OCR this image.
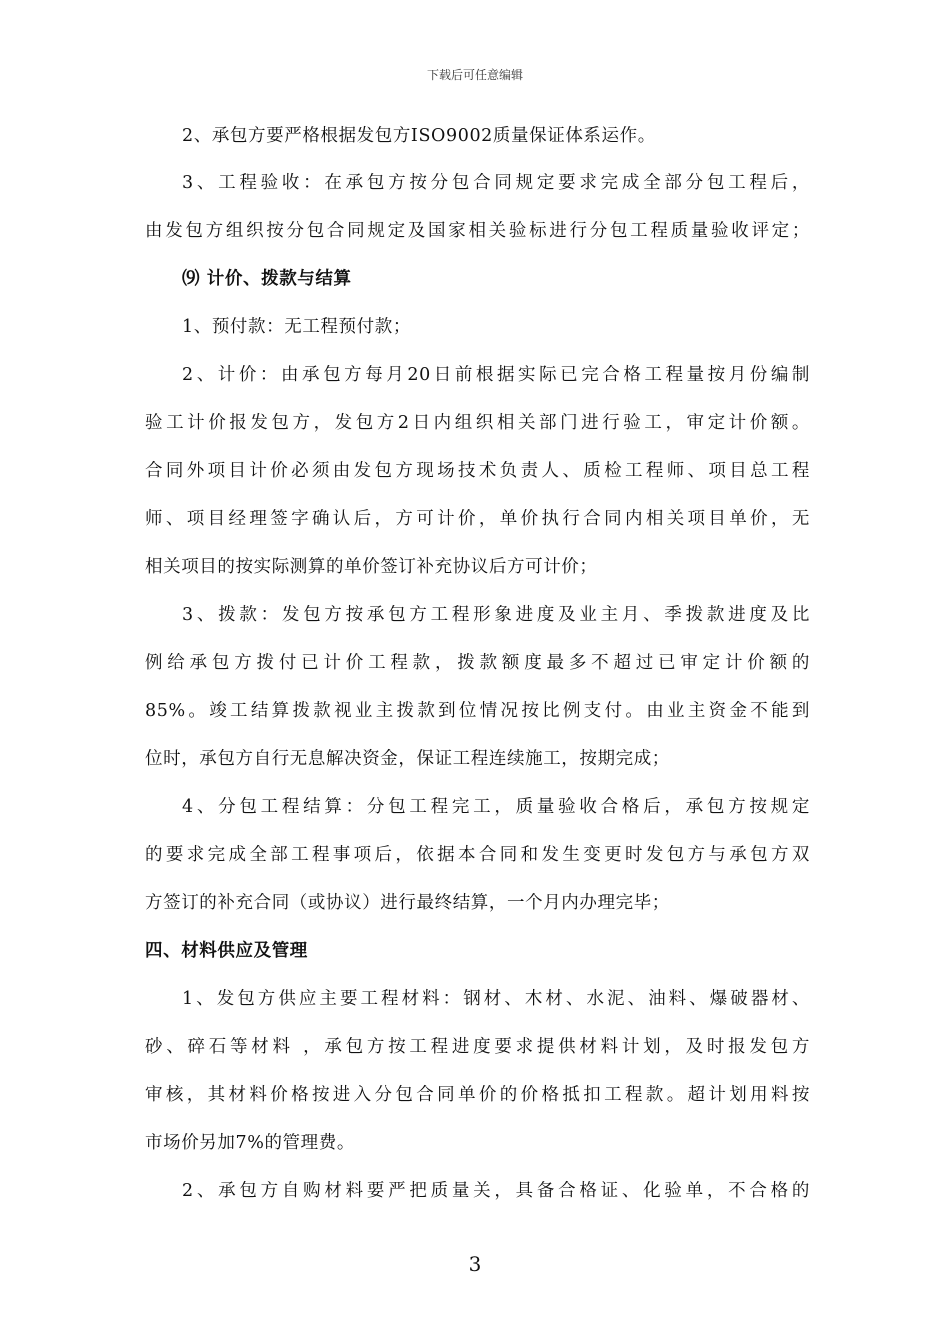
下载后可任意编辑
2、承包方要严格根据发包方ISO9002质量保证体系运作。
3、工程验收：在承包方按分包合同规定要求完成全部分包工程后，
由发包方组织按分包合同规定及国家相关验标进行分包工程质量验收评定；
⑼ 计价、拨款与结算
1、预付款：无工程预付款；
2、计价：由承包方每月20日前根据实际已完合格工程量按月份编制
验工计价报发包方，发包方2日内组织相关部门进行验工，审定计价额。
合同外项目计价必须由发包方现场技术负责人、质检工程师、项目总工程
师、项目经理签字确认后，方可计价，单价执行合同内相关项目单价，无
相关项目的按实际测算的单价签订补充协议后方可计价；
3、拨款：发包方按承包方工程形象进度及业主月、季拨款进度及比
例给承包方拨付已计价工程款，拨款额度最多不超过已审定计价额的
85%。竣工结算拨款视业主拨款到位情况按比例支付。由业主资金不能到
位时，承包方自行无息解决资金，保证工程连续施工，按期完成；
4、分包工程结算：分包工程完工，质量验收合格后，承包方按规定
的要求完成全部工程事项后，依据本合同和发生变更时发包方与承包方双
方签订的补充合同（或协议）进行最终结算，一个月内办理完毕；
四、材料供应及管理
1、发包方供应主要工程材料：钢材、木材、水泥、油料、爆破器材、
砂、碎石等材料 ，承包方按工程进度要求提供材料计划，及时报发包方
审核，其材料价格按进入分包合同单价的价格抵扣工程款。超计划用料按
市场价另加7%的管理费。
2、承包方自购材料要严把质量关，具备合格证、化验单，不合格的
3
